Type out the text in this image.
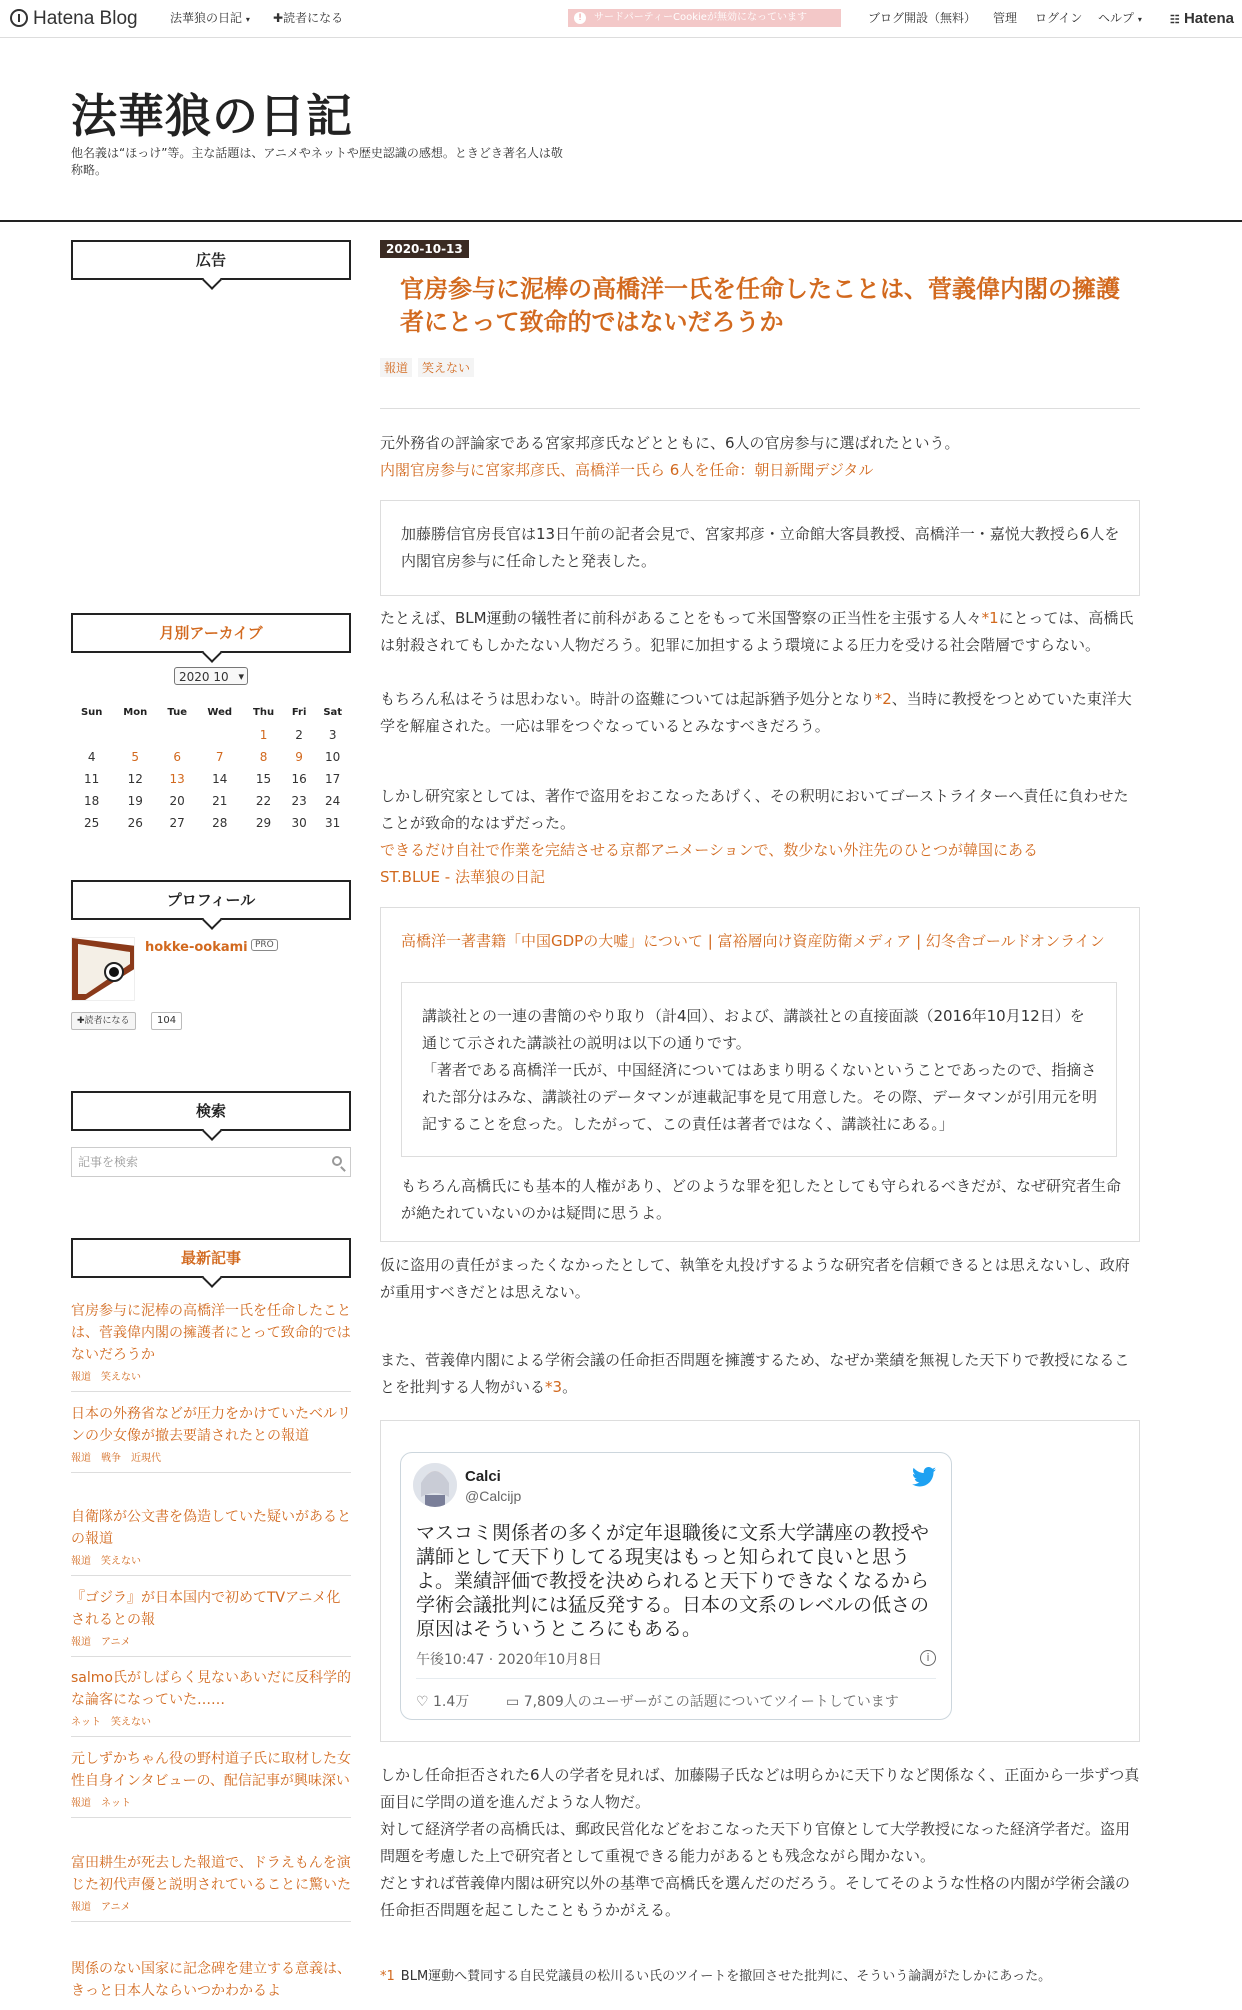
Hatena Blog	法華狼の日記 ▾ ✚読者になる	! サードパーティーCookieが無効になっています	ブログ開設（無料） 管理 ログイン ヘルプ ▾	☷ Hatena
法華狼の日記
他名義は“ほっけ”等。主な話題は、アニメやネットや歴史認識の感想。ときどき著名人は敬称略。
広告
月別アーカイブ
2020 10 ▾
Sun	Mon	Tue	Wed	Thu	Fri	Sat
				1	2	3
4	5	6	7	8	9	10
11	12	13	14	15	16	17
18	19	20	21	22	23	24
25	26	27	28	29	30	31
プロフィール
hokke-ookami PRO
✚読者になる	104
検索
記事を検索
最新記事
官房参与に泥棒の高橋洋一氏を任命したことは、菅義偉内閣の擁護者にとって致命的ではないだろうか
報道 笑えない
日本の外務省などが圧力をかけていたベルリンの少女像が撤去要請されたとの報道
報道 戦争 近現代
自衛隊が公文書を偽造していた疑いがあるとの報道
報道 笑えない
『ゴジラ』が日本国内で初めてTVアニメ化されるとの報
報道 アニメ
salmo氏がしばらく見ないあいだに反科学的な論客になっていた……
ネット 笑えない
元しずかちゃん役の野村道子氏に取材した女性自身インタビューの、配信記事が興味深い
報道 ネット
富田耕生が死去した報道で、ドラえもんを演じた初代声優と説明されていることに驚いた
報道 アニメ
関係のない国家に記念碑を建立する意義は、きっと日本人ならいつかわかるよ
2020-10-13
官房参与に泥棒の高橋洋一氏を任命したことは、菅義偉内閣の擁護者にとって致命的ではないだろうか
報道 笑えない

元外務省の評論家である宮家邦彦氏などとともに、6人の官房参与に選ばれたという。

内閣官房参与に宮家邦彦氏、高橋洋一氏ら 6人を任命：朝日新聞デジタル

加藤勝信官房長官は13日午前の記者会見で、宮家邦彦・立命館大客員教授、高橋洋一・嘉悦大教授ら6人を内閣官房参与に任命したと発表した。

たとえば、BLM運動の犠牲者に前科があることをもって米国警察の正当性を主張する人々*1にとっては、高橋氏は射殺されてもしかたない人物だろう。犯罪に加担するよう環境による圧力を受ける社会階層ですらない。

もちろん私はそうは思わない。時計の盗難については起訴猶予処分となり*2、当時に教授をつとめていた東洋大学を解雇された。一応は罪をつぐなっているとみなすべきだろう。

しかし研究家としては、著作で盗用をおこなったあげく、その釈明においてゴーストライターへ責任に負わせたことが致命的なはずだった。

できるだけ自社で作業を完結させる京都アニメーションで、数少ない外注先のひとつが韓国にある

ST.BLUE - 法華狼の日記

高橋洋一著書籍「中国GDPの大嘘」について | 富裕層向け資産防衛メディア | 幻冬舎ゴールドオンライン
講談社との一連の書簡のやり取り（計4回）、および、講談社との直接面談（2016年10月12日）を通じて示された講談社の説明は以下の通りです。
「著者である髙橋洋一氏が、中国経済についてはあまり明るくないということであったので、指摘された部分はみな、講談社のデータマンが連載記事を見て用意した。その際、データマンが引用元を明記することを怠った。したがって、この責任は著者ではなく、講談社にある。」
もちろん高橋氏にも基本的人権があり、どのような罪を犯したとしても守られるべきだが、なぜ研究者生命が絶たれていないのかは疑問に思うよ。

仮に盗用の責任がまったくなかったとして、執筆を丸投げするような研究者を信頼できるとは思えないし、政府が重用すべきだとは思えない。

また、菅義偉内閣による学術会議の任命拒否問題を擁護するため、なぜか業績を無視した天下りで教授になることを批判する人物がいる*3。

Calci
@Calcijp
マスコミ関係者の多くが定年退職後に文系大学講座の教授や講師として天下りしてる現実はもっと知られて良いと思うよ。業績評価で教授を決められると天下りできなくなるから学術会議批判には猛反発する。日本の文系のレベルの低さの原因はそういうところにもある。
午後10:47 · 2020年10月8日	i
♡ 1.4万	▭ 7,809人のユーザーがこの話題についてツイートしています

しかし任命拒否された6人の学者を見れば、加藤陽子氏などは明らかに天下りなど関係なく、正面から一歩ずつ真面目に学問の道を進んだような人物だ。

対して経済学者の高橋氏は、郵政民営化などをおこなった天下り官僚として大学教授になった経済学者だ。盗用問題を考慮した上で研究者として重視できる能力があるとも残念ながら聞かない。

だとすれば菅義偉内閣は研究以外の基準で高橋氏を選んだのだろう。そしてそのような性格の内閣が学術会議の任命拒否問題を起こしたこともうかがえる。

*1 BLM運動へ賛同する自民党議員の松川るい氏のツイートを撤回させた批判に、そういう論調がたしかにあった。
